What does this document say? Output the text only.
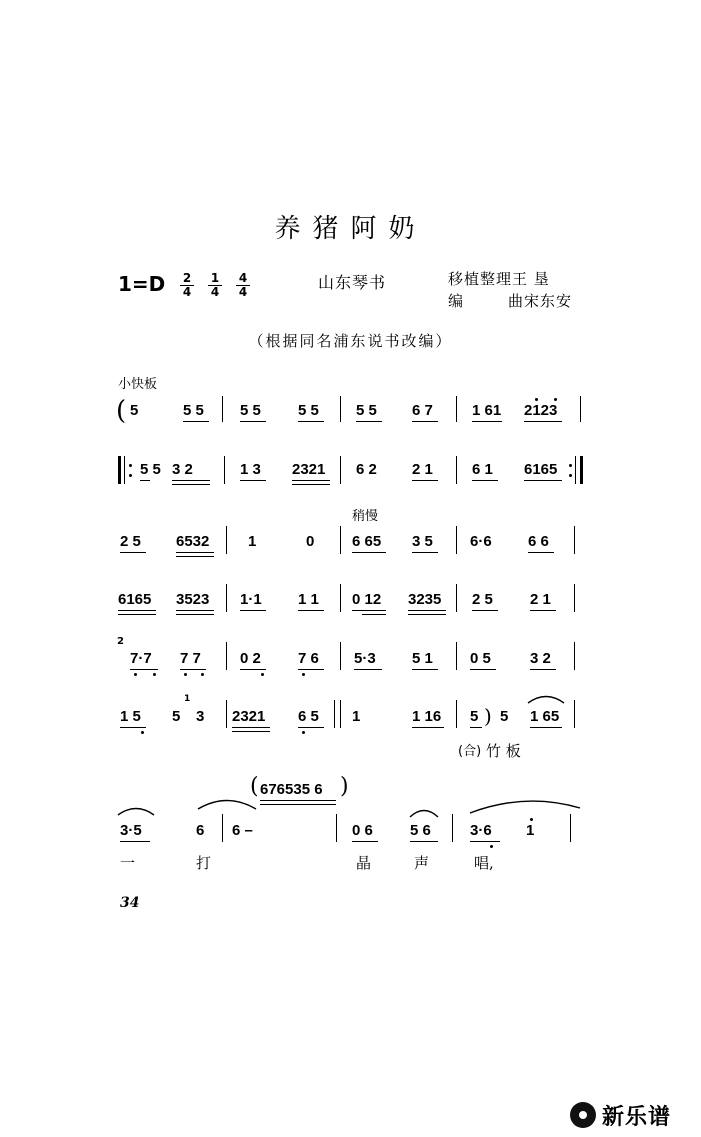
养猪阿奶
$1=D \frac{2}{4} \frac{1}{4} \frac{4}{4}$	山东琴书	移植整理王 垦
编	曲宋东安
（根据同名浦东说书改编）
小快板
( 5	5 5 5 5 5 5 5 5 6 7	1 61 2123
5 5 3 2	1 3 2321 6 2 2 1	6 1 6165
稍慢
2 5 6532	1	0	6 65 3 5 6·6 6 6
6165 3523 1·1 1 1 0 12 3235 2 5 2 1
2
7·7 7 7	0 2 7 6 5·3 5 1 0 5	3 2
1 5 5
1
3 2321 6 5 1	1 16 5 ) 5 1 65
(合) 竹 板
( 676535 6 )
3·5	6 6 –	0 6 5 6	3·6 1
一	打	晶	声	唱,
34
新乐谱
